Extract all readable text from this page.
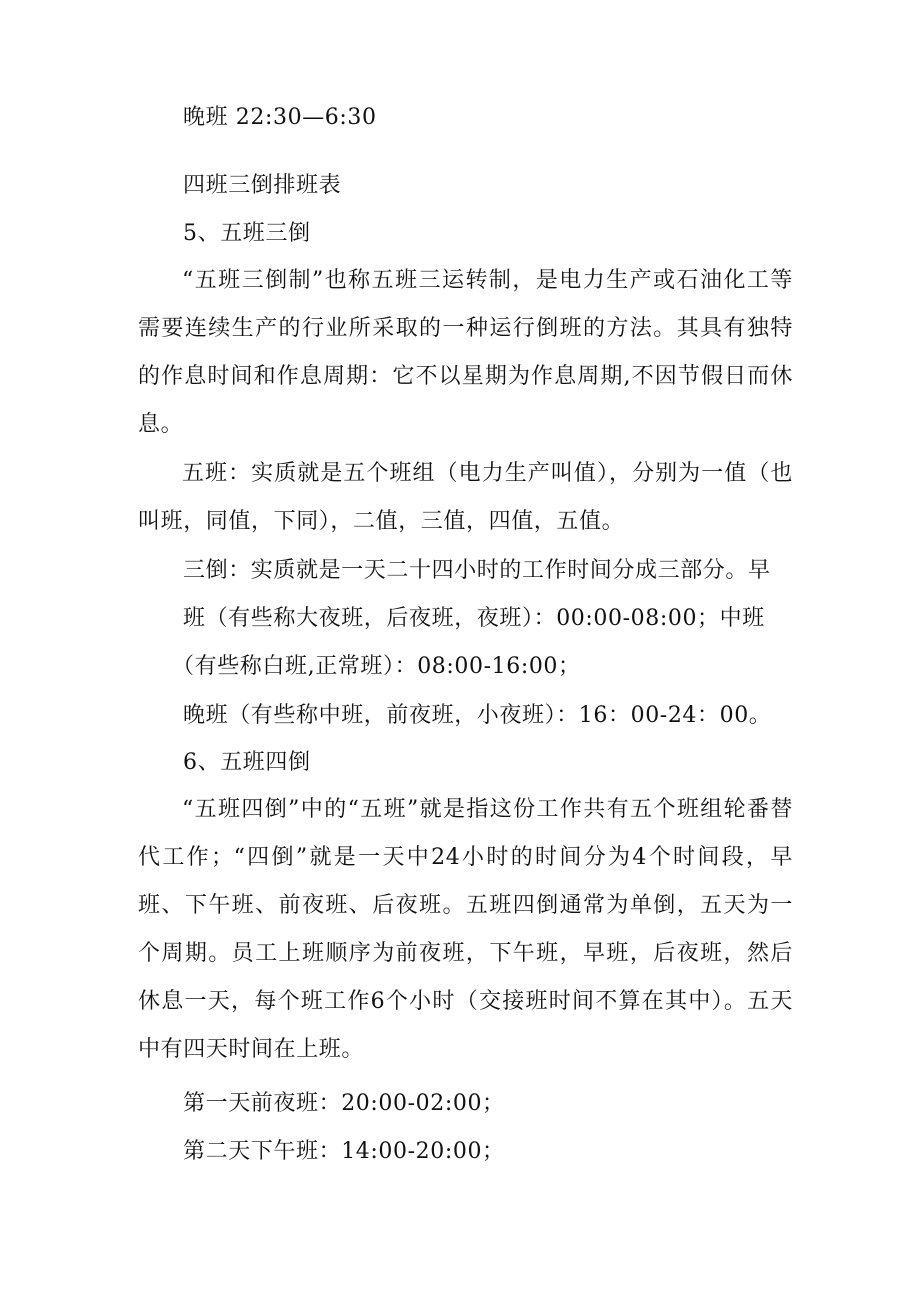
晚班 22:30—6:30
四班三倒排班表
5、五班三倒

“五班三倒制”也称五班三运转制，是电力生产或石油化工等需要连续生产的行业所采取的一种运行倒班的方法。其具有独特的作息时间和作息周期：它不以星期为作息周期,不因节假日而休息。

五班：实质就是五个班组（电力生产叫值），分别为一值（也叫班，同值，下同），二值，三值，四值，五值。

三倒：实质就是一天二十四小时的工作时间分成三部分。早
班（有些称大夜班，后夜班，夜班）：00:00-08:00；中班
（有些称白班,正常班）：08:00-16:00；
晚班（有些称中班，前夜班，小夜班）：16：00-24：00。
6、五班四倒

“五班四倒”中的“五班”就是指这份工作共有五个班组轮番替代工作；“四倒”就是一天中24小时的时间分为4个时间段，早班、下午班、前夜班、后夜班。五班四倒通常为单倒，五天为一个周期。员工上班顺序为前夜班，下午班，早班，后夜班，然后休息一天，每个班工作6个小时（交接班时间不算在其中）。五天中有四天时间在上班。

第一天前夜班：20:00-02:00；
第二天下午班：14:00-20:00；
